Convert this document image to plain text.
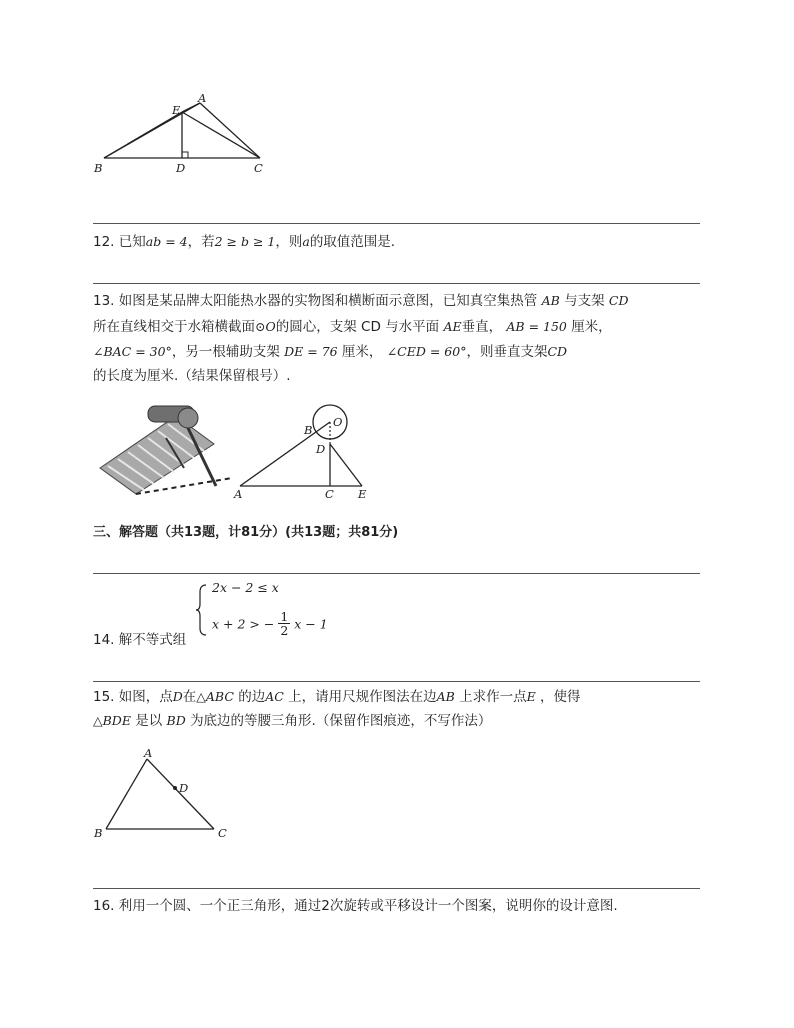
E
A
B	D	C
12. 已知ab = 4，若2 ≥ b ≥ 1，则a的取值范围是.
13. 如图是某品牌太阳能热水器的实物图和横断面示意图，已知真空集热管 AB 与支架 CD
所在直线相交于水箱横截面⊙O的圆心，支架 CD 与水平面 AE垂直， AB = 150 厘米，
∠BAC = 30°，另一根辅助支架 DE = 76 厘米， ∠CED = 60°，则垂直支架CD
的长度为厘米.（结果保留根号）.
B
O
D
A	C E
三、解答题（共13题，计81分）(共13题；共81分)
2x − 2 ≤ x
x + 2 > − $\frac{1}{2}$ x − 1
14. 解不等式组
15. 如图，点D在△ABC 的边AC 上，请用尺规作图法在边AB 上求作一点E ，使得
△BDE 是以 BD 为底边的等腰三角形.（保留作图痕迹，不写作法）
A
D
B	C
16. 利用一个圆、一个正三角形，通过2次旋转或平移设计一个图案，说明你的设计意图.
